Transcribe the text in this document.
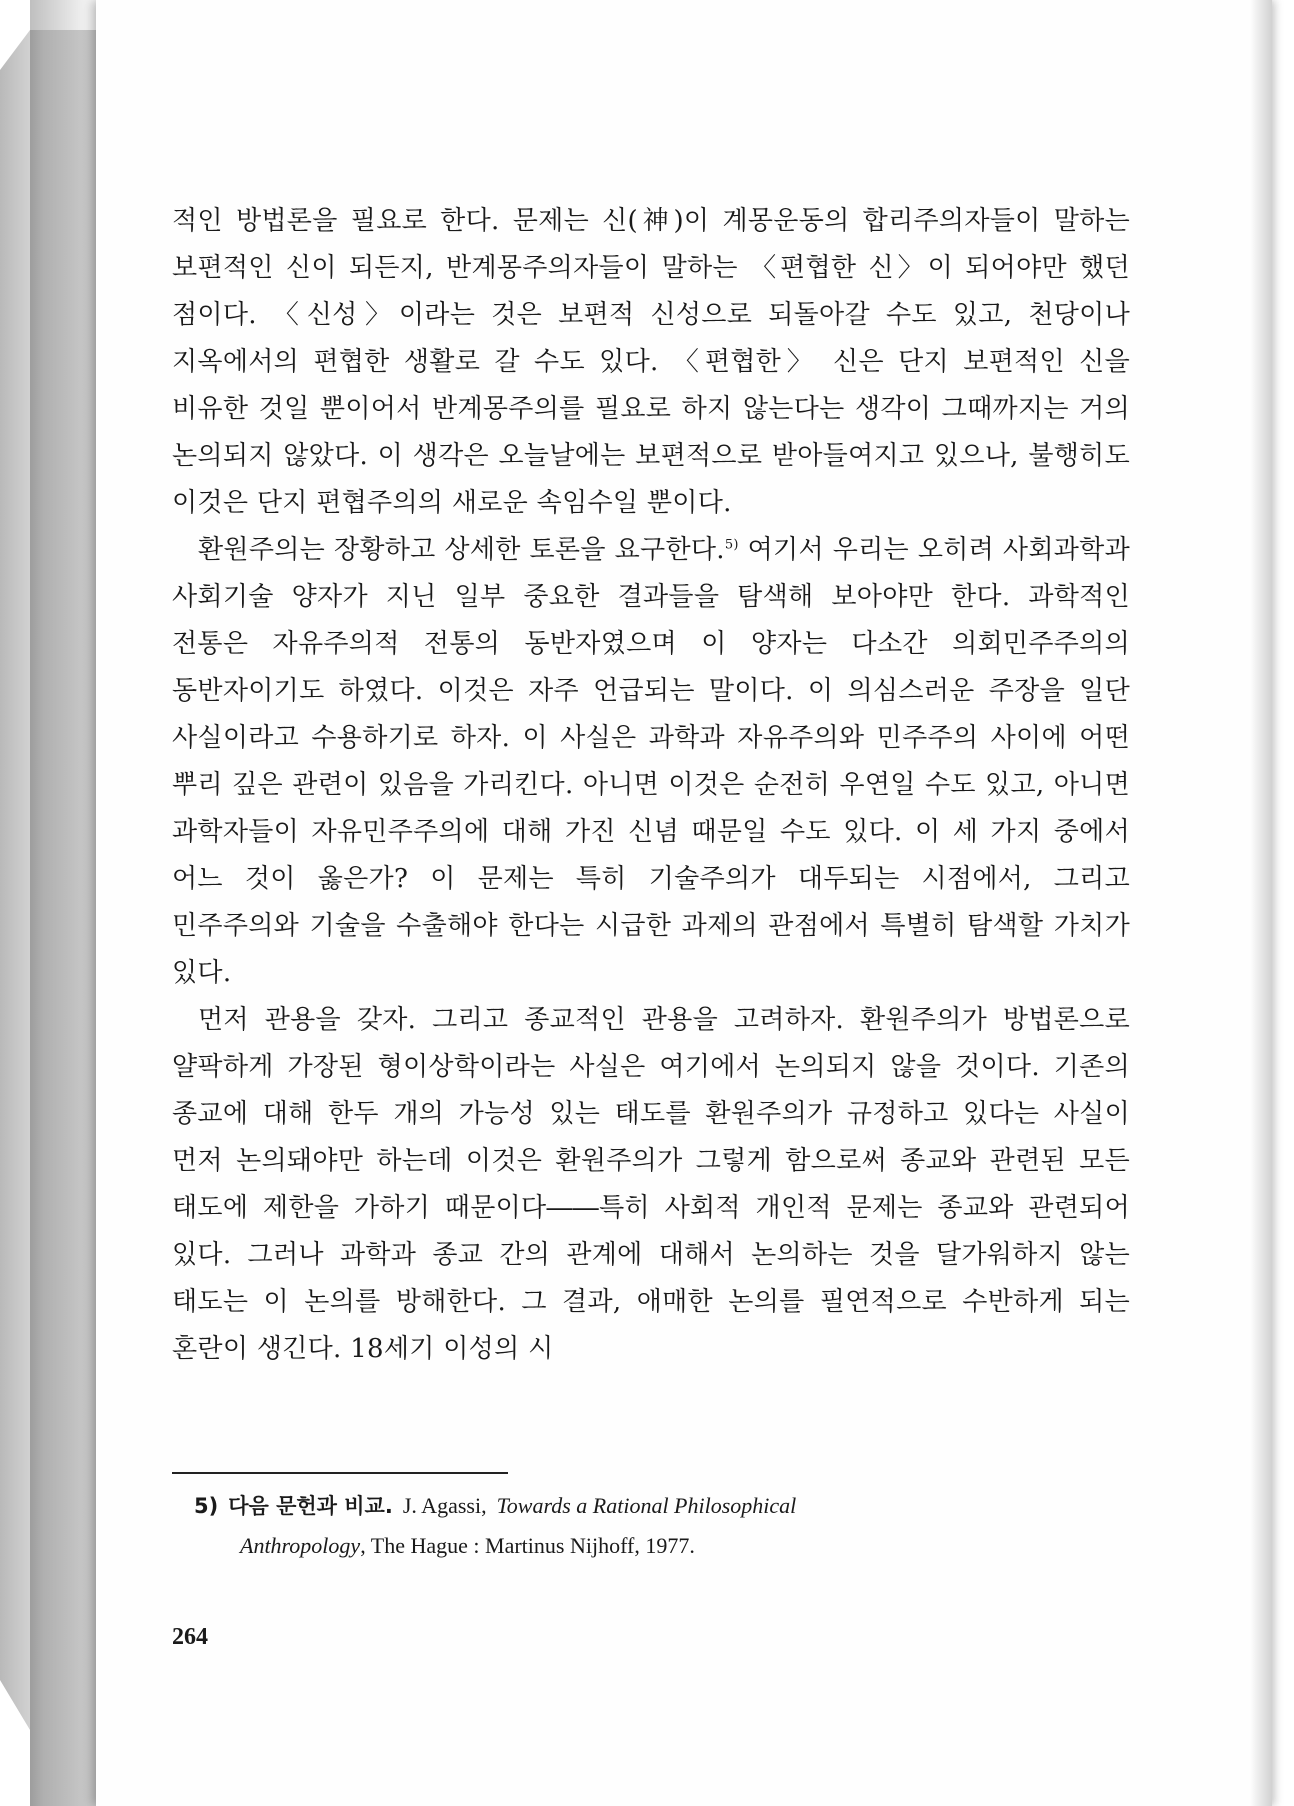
적인 방법론을 필요로 한다. 문제는 신(神)이 계몽운동의 합리주의자들이 말하는 보편적인 신이 되든지, 반계몽주의자들이 말하는 〈편협한 신〉이 되어야만 했던 점이다. 〈신성〉이라는 것은 보편적 신성으로 되돌아갈 수도 있고, 천당이나 지옥에서의 편협한 생활로 갈 수도 있다. 〈편협한〉 신은 단지 보편적인 신을 비유한 것일 뿐이어서 반계몽주의를 필요로 하지 않는다는 생각이 그때까지는 거의 논의되지 않았다. 이 생각은 오늘날에는 보편적으로 받아들여지고 있으나, 불행히도 이것은 단지 편협주의의 새로운 속임수일 뿐이다.

환원주의는 장황하고 상세한 토론을 요구한다.$^{5)}$ 여기서 우리는 오히려 사회과학과 사회기술 양자가 지닌 일부 중요한 결과들을 탐색해 보아야만 한다. 과학적인 전통은 자유주의적 전통의 동반자였으며 이 양자는 다소간 의회민주주의의 동반자이기도 하였다. 이것은 자주 언급되는 말이다. 이 의심스러운 주장을 일단 사실이라고 수용하기로 하자. 이 사실은 과학과 자유주의와 민주주의 사이에 어떤 뿌리 깊은 관련이 있음을 가리킨다. 아니면 이것은 순전히 우연일 수도 있고, 아니면 과학자들이 자유민주주의에 대해 가진 신념 때문일 수도 있다. 이 세 가지 중에서 어느 것이 옳은가? 이 문제는 특히 기술주의가 대두되는 시점에서, 그리고 민주주의와 기술을 수출해야 한다는 시급한 과제의 관점에서 특별히 탐색할 가치가 있다.

먼저 관용을 갖자. 그리고 종교적인 관용을 고려하자. 환원주의가 방법론으로 얄팍하게 가장된 형이상학이라는 사실은 여기에서 논의되지 않을 것이다. 기존의 종교에 대해 한두 개의 가능성 있는 태도를 환원주의가 규정하고 있다는 사실이 먼저 논의돼야만 하는데 이것은 환원주의가 그렇게 함으로써 종교와 관련된 모든 태도에 제한을 가하기 때문이다――특히 사회적 개인적 문제는 종교와 관련되어 있다. 그러나 과학과 종교 간의 관계에 대해서 논의하는 것을 달가워하지 않는 태도는 이 논의를 방해한다. 그 결과, 애매한 논의를 필연적으로 수반하게 되는 혼란이 생긴다. 18세기 이성의 시

5) 다음 문헌과 비교. J. Agassi, Towards a Rational Philosophical
Anthropology, The Hague : Martinus Nijhoff, 1977.
264
